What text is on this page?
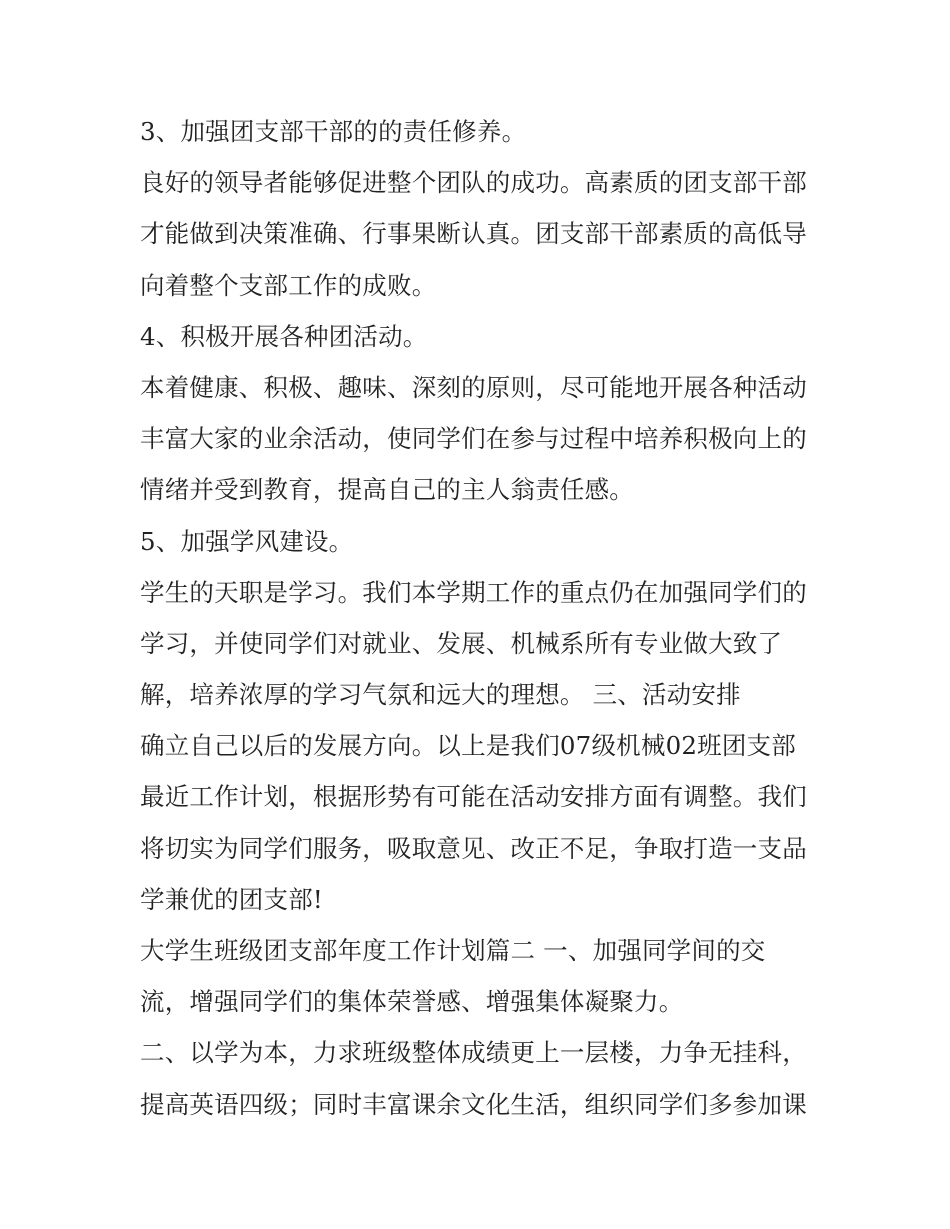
3、加强团支部干部的的责任修养。
良好的领导者能够促进整个团队的成功。高素质的团支部干部
才能做到决策准确、行事果断认真。团支部干部素质的高低导
向着整个支部工作的成败。
4、积极开展各种团活动。
本着健康、积极、趣味、深刻的原则，尽可能地开展各种活动
丰富大家的业余活动，使同学们在参与过程中培养积极向上的
情绪并受到教育，提高自己的主人翁责任感。
5、加强学风建设。
学生的天职是学习。我们本学期工作的重点仍在加强同学们的
学习，并使同学们对就业、发展、机械系所有专业做大致了
解，培养浓厚的学习气氛和远大的理想。 三、活动安排
确立自己以后的发展方向。以上是我们07级机械02班团支部
最近工作计划，根据形势有可能在活动安排方面有调整。我们
将切实为同学们服务，吸取意见、改正不足，争取打造一支品
学兼优的团支部!
大学生班级团支部年度工作计划篇二 一、加强同学间的交
流，增强同学们的集体荣誉感、增强集体凝聚力。
二、以学为本，力求班级整体成绩更上一层楼，力争无挂科，
提高英语四级；同时丰富课余文化生活，组织同学们多参加课
